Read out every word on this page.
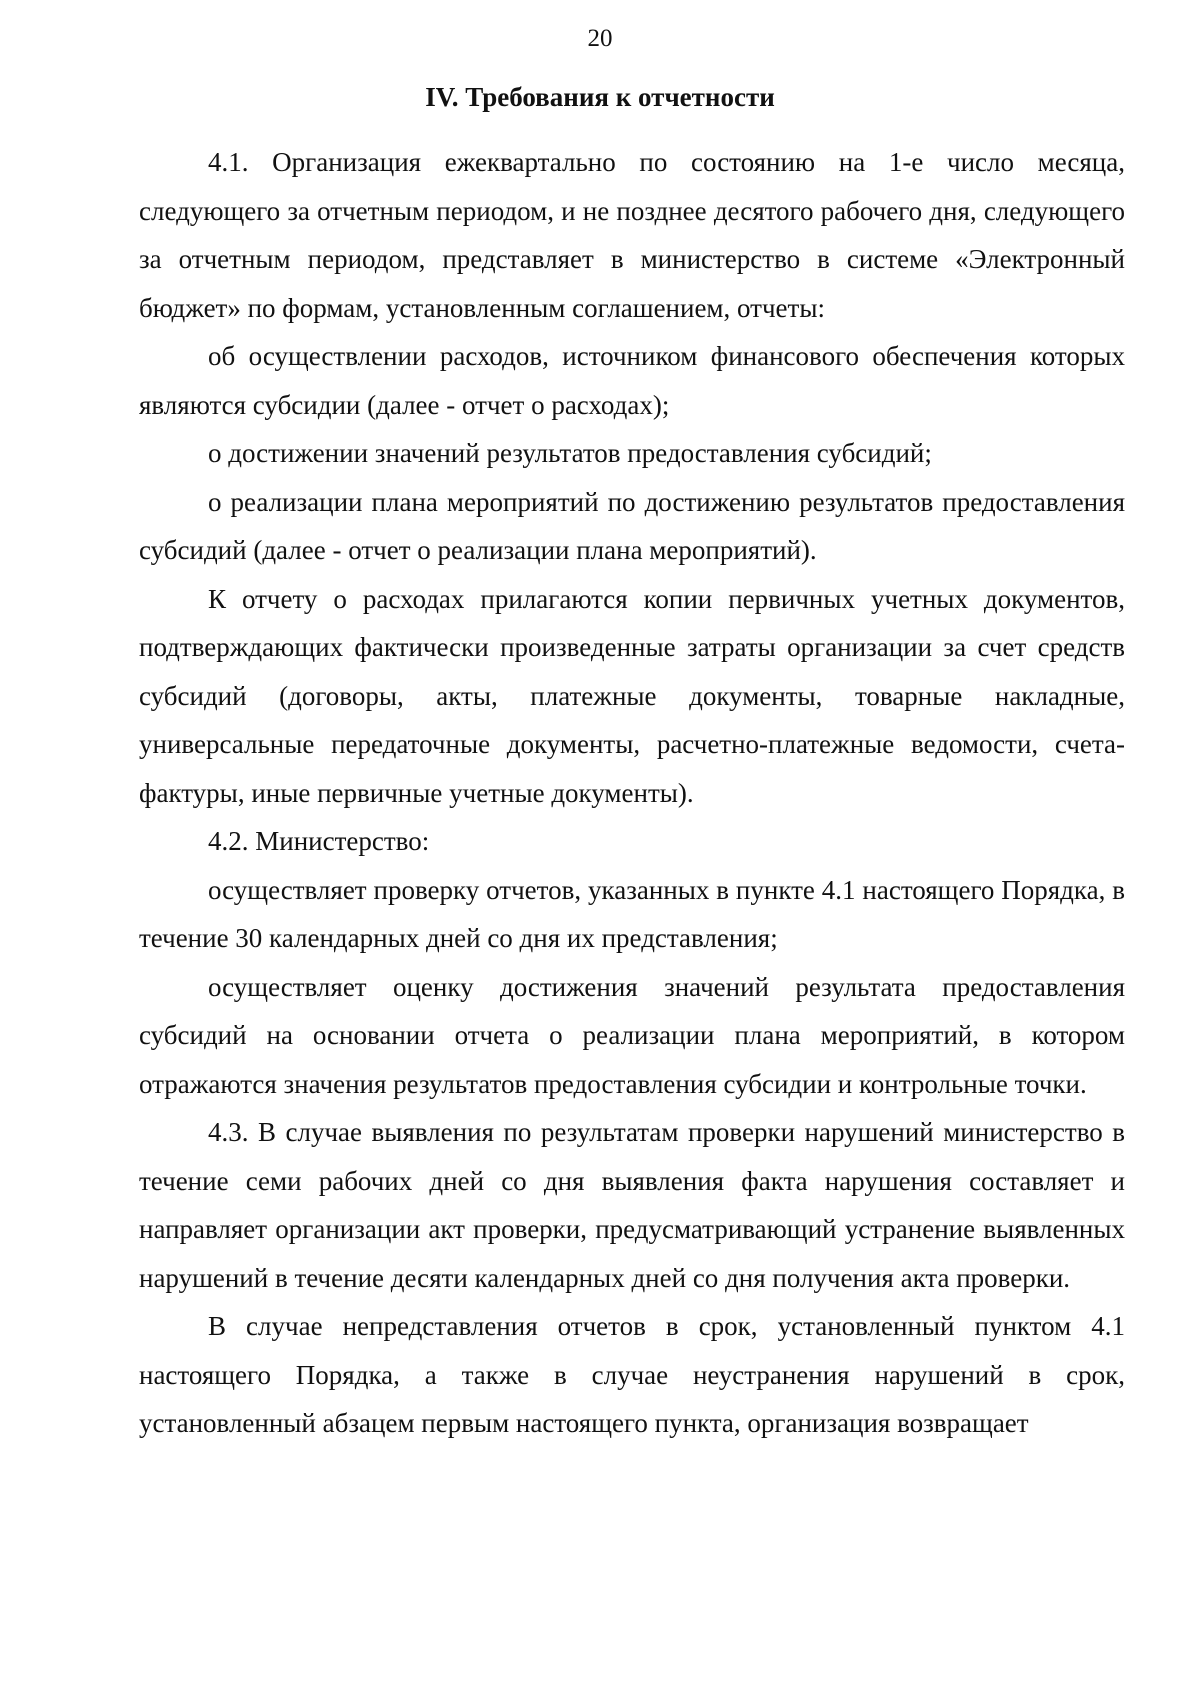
20
IV. Требования к отчетности

4.1. Организация ежеквартально по состоянию на 1-е число месяца, следующего за отчетным периодом, и не позднее десятого рабочего дня, следующего за отчетным периодом, представляет в министерство в системе «Электронный бюджет» по формам, установленным соглашением, отчеты:

об осуществлении расходов, источником финансового обеспечения которых являются субсидии (далее - отчет о расходах);

о достижении значений результатов предоставления субсидий;

о реализации плана мероприятий по достижению результатов предоставления субсидий (далее - отчет о реализации плана мероприятий).

К отчету о расходах прилагаются копии первичных учетных документов, подтверждающих фактически произведенные затраты организации за счет средств субсидий (договоры, акты, платежные документы, товарные накладные, универсальные передаточные документы, расчетно-платежные ведомости, счета-фактуры, иные первичные учетные документы).

4.2. Министерство:

осуществляет проверку отчетов, указанных в пункте 4.1 настоящего Порядка, в течение 30 календарных дней со дня их представления;

осуществляет оценку достижения значений результата предоставления субсидий на основании отчета о реализации плана мероприятий, в котором отражаются значения результатов предоставления субсидии и контрольные точки.

4.3. В случае выявления по результатам проверки нарушений министерство в течение семи рабочих дней со дня выявления факта нарушения составляет и направляет организации акт проверки, предусматривающий устранение выявленных нарушений в течение десяти календарных дней со дня получения акта проверки.

В случае непредставления отчетов в срок, установленный пунктом 4.1 настоящего Порядка, а также в случае неустранения нарушений в срок, установленный абзацем первым настоящего пункта, организация возвращает
